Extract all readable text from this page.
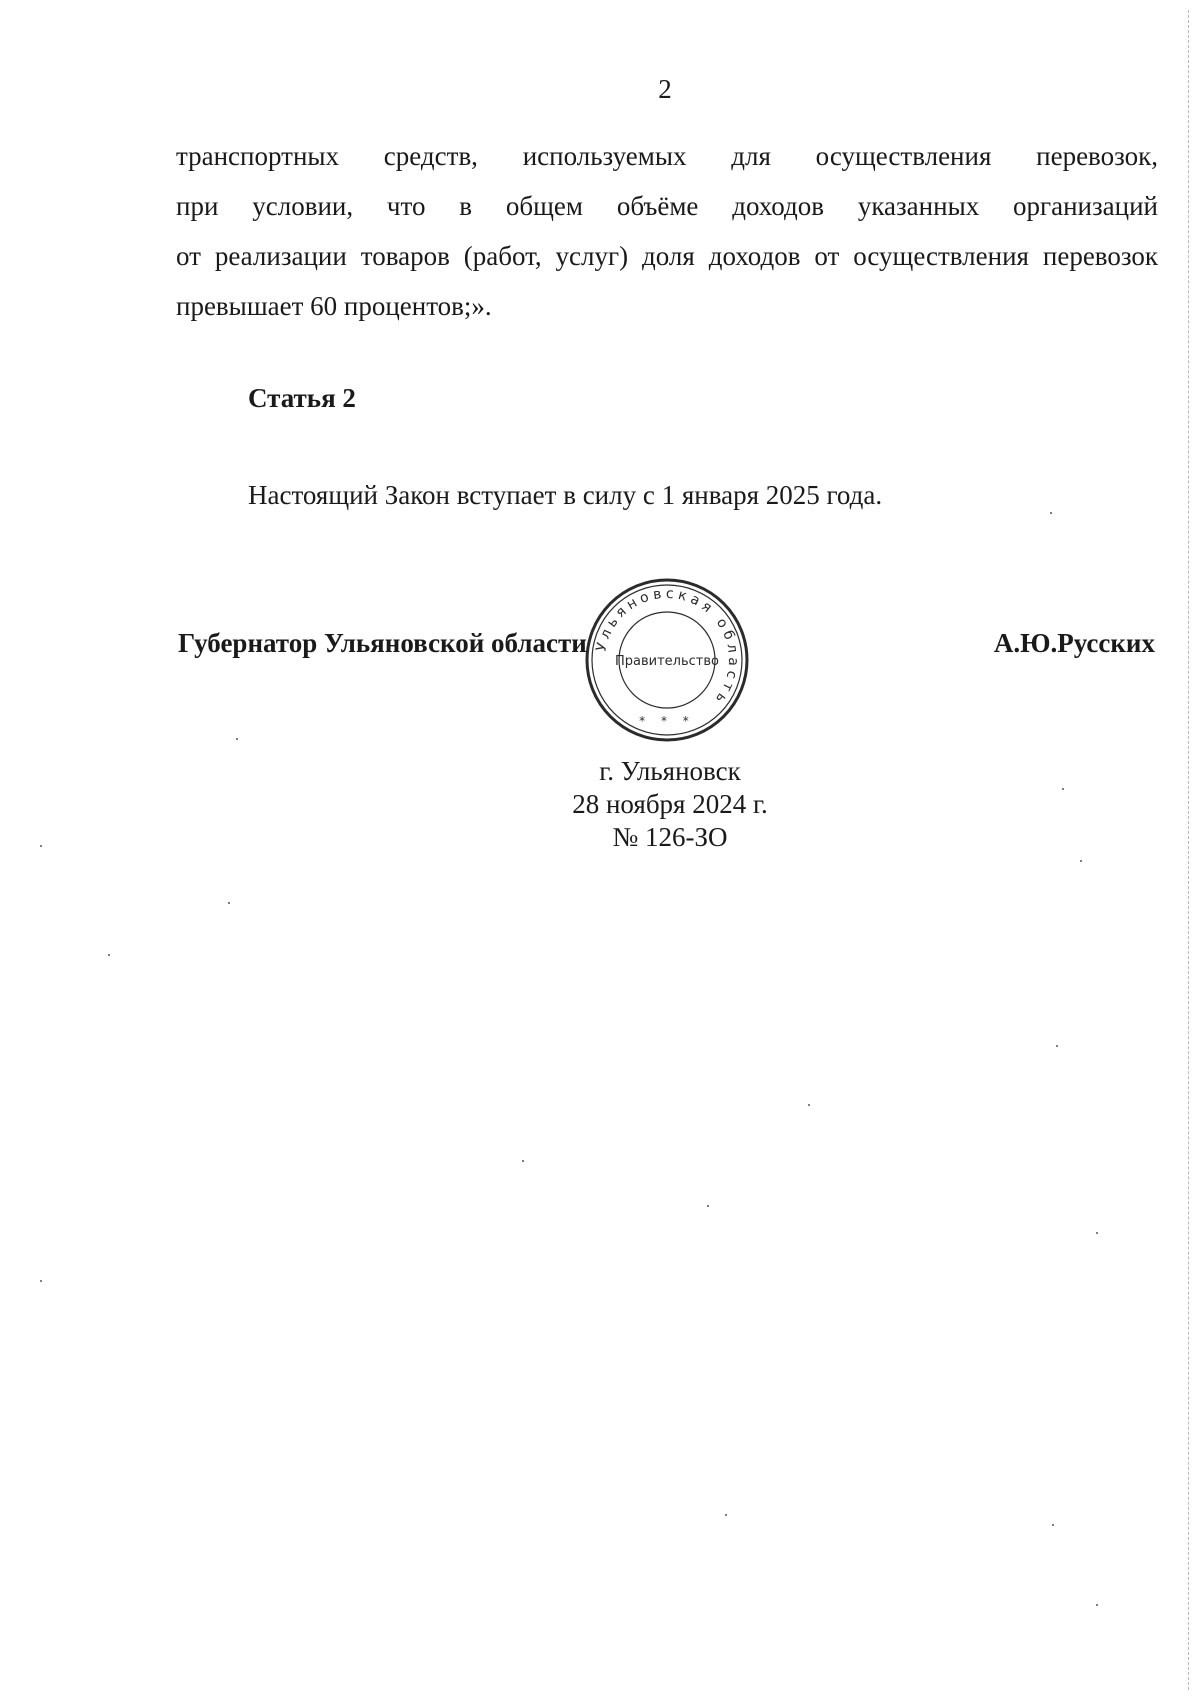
2
транспортных средств, используемых для осуществления перевозок,
при условии, что в общем объёме доходов указанных организаций
от реализации товаров (работ, услуг) доля доходов от осуществления перевозок
превышает 60 процентов;».
Статья 2
Настоящий Закон вступает в силу с 1 января 2025 года.
Губернатор Ульяновской области Ульяновская область
Правительство
* * *
А.Ю.Русских
г. Ульяновск
28 ноября 2024 г.
№ 126-ЗО
